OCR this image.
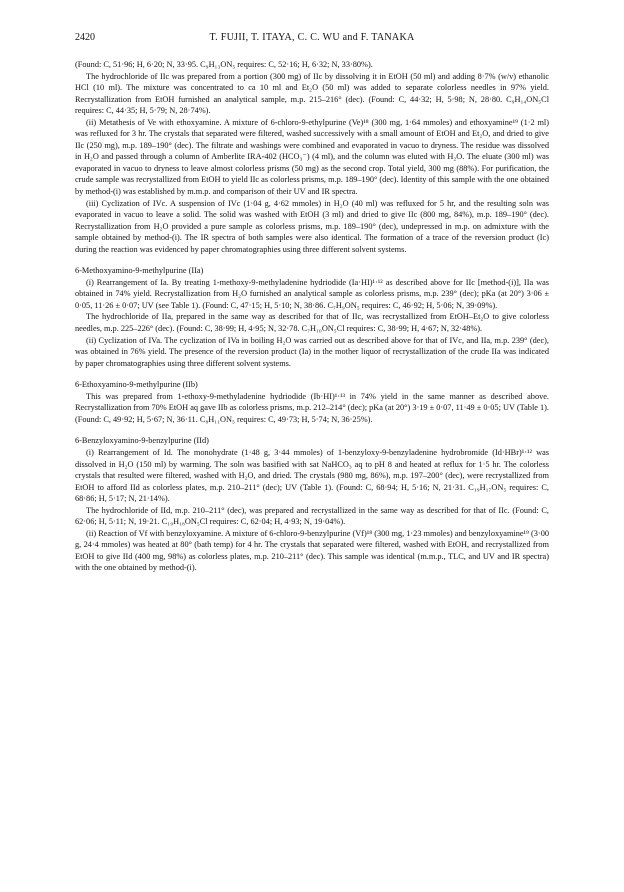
2420	T. FUJII, T. ITAYA, C. C. WU and F. TANAKA

(Found: C, 51·96; H, 6·20; N, 33·95. C₉H₁₃ON₅ requires: C, 52·16; H, 6·32; N, 33·80%).

The hydrochloride of IIc was prepared from a portion (300 mg) of IIc by dissolving it in EtOH (50 ml) and adding 8·7% (w/v) ethanolic HCl (10 ml). The mixture was concentrated to ca 10 ml and Et₂O (50 ml) was added to separate colorless needles in 97% yield. Recrystallization from EtOH furnished an analytical sample, m.p. 215–216° (dec). (Found: C, 44·32; H, 5·98; N, 28·80. C₉H₁₄ON₅Cl requires: C, 44·35; H, 5·79; N, 28·74%).

(ii) Metathesis of Ve with ethoxyamine. A mixture of 6-chloro-9-ethylpurine (Ve)¹⁸ (300 mg, 1·64 mmoles) and ethoxyamine¹⁹ (1·2 ml) was refluxed for 3 hr. The crystals that separated were filtered, washed successively with a small amount of EtOH and Et₂O, and dried to give IIc (250 mg), m.p. 189–190° (dec). The filtrate and washings were combined and evaporated in vacuo to dryness. The residue was dissolved in H₂O and passed through a column of Amberlite IRA-402 (HCO₃⁻) (4 ml), and the column was eluted with H₂O. The eluate (300 ml) was evaporated in vacuo to dryness to leave almost colorless prisms (50 mg) as the second crop. Total yield, 300 mg (88%). For purification, the crude sample was recrystallized from EtOH to yield IIc as colorless prisms, m.p. 189–190° (dec). Identity of this sample with the one obtained by method-(i) was established by m.m.p. and comparison of their UV and IR spectra.

(iii) Cyclization of IVc. A suspension of IVc (1·04 g, 4·62 mmoles) in H₂O (40 ml) was refluxed for 5 hr, and the resulting soln was evaporated in vacuo to leave a solid. The solid was washed with EtOH (3 ml) and dried to give IIc (800 mg, 84%), m.p. 189–190° (dec). Recrystallization from H₂O provided a pure sample as colorless prisms, m.p. 189–190° (dec), undepressed in m.p. on admixture with the sample obtained by method-(i). The IR spectra of both samples were also identical. The formation of a trace of the reversion product (Ic) during the reaction was evidenced by paper chromatographies using three different solvent systems.

6-Methoxyamino-9-methylpurine (IIa)

(i) Rearrangement of Ia. By treating 1-methoxy-9-methyladenine hydriodide (Ia·HI)¹·¹² as described above for IIc [method-(i)], IIa was obtained in 74% yield. Recrystallization from H₂O furnished an analytical sample as colorless prisms, m.p. 239° (dec); pKa (at 20°) 3·06 ± 0·05, 11·26 ± 0·07; UV (see Table 1). (Found: C, 47·15; H, 5·10; N, 38·86. C₇H₉ON₅ requires: C, 46·92; H, 5·06; N, 39·09%).

The hydrochloride of IIa, prepared in the same way as described for that of IIc, was recrystallized from EtOH–Et₂O to give colorless needles, m.p. 225–226° (dec). (Found: C, 38·99; H, 4·95; N, 32·78. C₇H₁₀ON₅Cl requires: C, 38·99; H, 4·67; N, 32·48%).

(ii) Cyclization of IVa. The cyclization of IVa in boiling H₂O was carried out as described above for that of IVc, and IIa, m.p. 239° (dec), was obtained in 76% yield. The presence of the reversion product (Ia) in the mother liquor of recrystallization of the crude IIa was indicated by paper chromatographies using three different solvent systems.

6-Ethoxyamino-9-methylpurine (IIb)

This was prepared from 1-ethoxy-9-methyladenine hydriodide (Ib·HI)¹·¹³ in 74% yield in the same manner as described above. Recrystallization from 70% EtOH aq gave IIb as colorless prisms, m.p. 212–214° (dec); pKa (at 20°) 3·19 ± 0·07, 11·49 ± 0·05; UV (Table 1). (Found: C, 49·92; H, 5·67; N, 36·11. C₈H₁₁ON₅ requires: C, 49·73; H, 5·74; N, 36·25%).

6-Benzyloxyamino-9-benzylpurine (IId)

(i) Rearrangement of Id. The monohydrate (1·48 g, 3·44 mmoles) of 1-benzyloxy-9-benzyladenine hydrobromide (Id·HBr)¹·¹² was dissolved in H₂O (150 ml) by warming. The soln was basified with sat NaHCO₃ aq to pH 8 and heated at reflux for 1·5 hr. The colorless crystals that resulted were filtered, washed with H₂O, and dried. The crystals (980 mg, 86%), m.p. 197–200° (dec), were recrystallized from EtOH to afford IId as colorless plates, m.p. 210–211° (dec); UV (Table 1). (Found: C, 68·94; H, 5·16; N, 21·31. C₁₉H₁₇ON₅ requires: C, 68·86; H, 5·17; N, 21·14%).

The hydrochloride of IId, m.p. 210–211° (dec), was prepared and recrystallized in the same way as described for that of IIc. (Found: C, 62·06; H, 5·11; N, 19·21. C₁₉H₁₈ON₅Cl requires: C, 62·04; H, 4·93; N, 19·04%).

(ii) Reaction of Vf with benzyloxyamine. A mixture of 6-chloro-9-benzylpurine (Vf)¹⁸ (300 mg, 1·23 mmoles) and benzyloxyamine¹⁹ (3·00 g, 24·4 mmoles) was heated at 80° (bath temp) for 4 hr. The crystals that separated were filtered, washed with EtOH, and recrystallized from EtOH to give IId (400 mg, 98%) as colorless plates, m.p. 210–211° (dec). This sample was identical (m.m.p., TLC, and UV and IR spectra) with the one obtained by method-(i).
